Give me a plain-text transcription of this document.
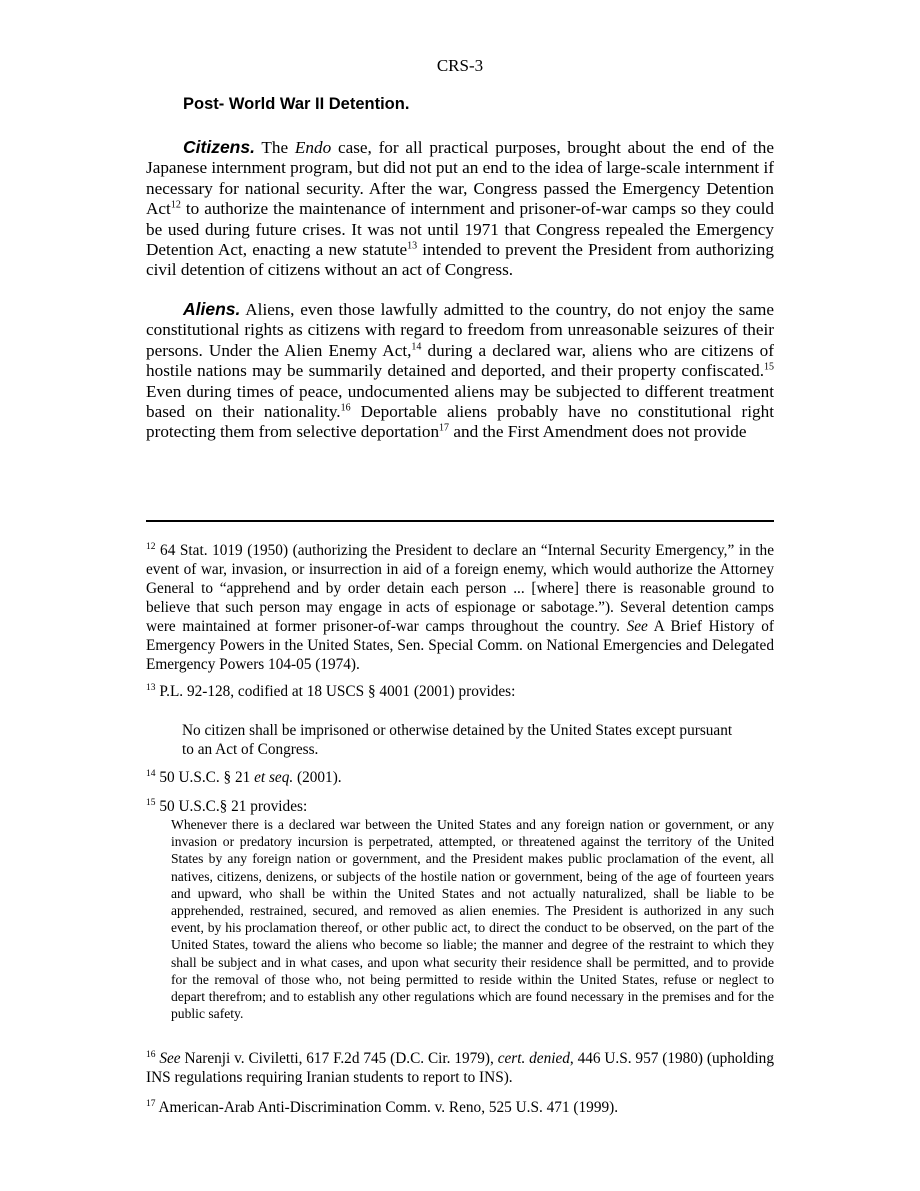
CRS-3
Post- World War II Detention.

Citizens. The Endo case, for all practical purposes, brought about the end of the Japanese internment program, but did not put an end to the idea of large-scale internment if necessary for national security. After the war, Congress passed the Emergency Detention Act$^{12}$ to authorize the maintenance of internment and prisoner-of-war camps so they could be used during future crises. It was not until 1971 that Congress repealed the Emergency Detention Act, enacting a new statute$^{13}$ intended to prevent the President from authorizing civil detention of citizens without an act of Congress.

Aliens. Aliens, even those lawfully admitted to the country, do not enjoy the same constitutional rights as citizens with regard to freedom from unreasonable seizures of their persons. Under the Alien Enemy Act,$^{14}$ during a declared war, aliens who are citizens of hostile nations may be summarily detained and deported, and their property confiscated.$^{15}$ Even during times of peace, undocumented aliens may be subjected to different treatment based on their nationality.$^{16}$ Deportable aliens probably have no constitutional right protecting them from selective deportation$^{17}$ and the First Amendment does not provide

$^{12}$ 64 Stat. 1019 (1950) (authorizing the President to declare an “Internal Security Emergency,” in the event of war, invasion, or insurrection in aid of a foreign enemy, which would authorize the Attorney General to “apprehend and by order detain each person ... [where] there is reasonable ground to believe that such person may engage in acts of espionage or sabotage.”). Several detention camps were maintained at former prisoner-of-war camps throughout the country. See A Brief History of Emergency Powers in the United States, Sen. Special Comm. on National Emergencies and Delegated Emergency Powers 104-05 (1974).

$^{13}$ P.L. 92-128, codified at 18 USCS § 4001 (2001) provides:

No citizen shall be imprisoned or otherwise detained by the United States except pursuant to an Act of Congress.

$^{14}$ 50 U.S.C. § 21 et seq. (2001).

$^{15}$ 50 U.S.C.§ 21 provides:

Whenever there is a declared war between the United States and any foreign nation or government, or any invasion or predatory incursion is perpetrated, attempted, or threatened against the territory of the United States by any foreign nation or government, and the President makes public proclamation of the event, all natives, citizens, denizens, or subjects of the hostile nation or government, being of the age of fourteen years and upward, who shall be within the United States and not actually naturalized, shall be liable to be apprehended, restrained, secured, and removed as alien enemies. The President is authorized in any such event, by his proclamation thereof, or other public act, to direct the conduct to be observed, on the part of the United States, toward the aliens who become so liable; the manner and degree of the restraint to which they shall be subject and in what cases, and upon what security their residence shall be permitted, and to provide for the removal of those who, not being permitted to reside within the United States, refuse or neglect to depart therefrom; and to establish any other regulations which are found necessary in the premises and for the public safety.

$^{16}$ See Narenji v. Civiletti, 617 F.2d 745 (D.C. Cir. 1979), cert. denied, 446 U.S. 957 (1980) (upholding INS regulations requiring Iranian students to report to INS).

$^{17}$ American-Arab Anti-Discrimination Comm. v. Reno, 525 U.S. 471 (1999).
